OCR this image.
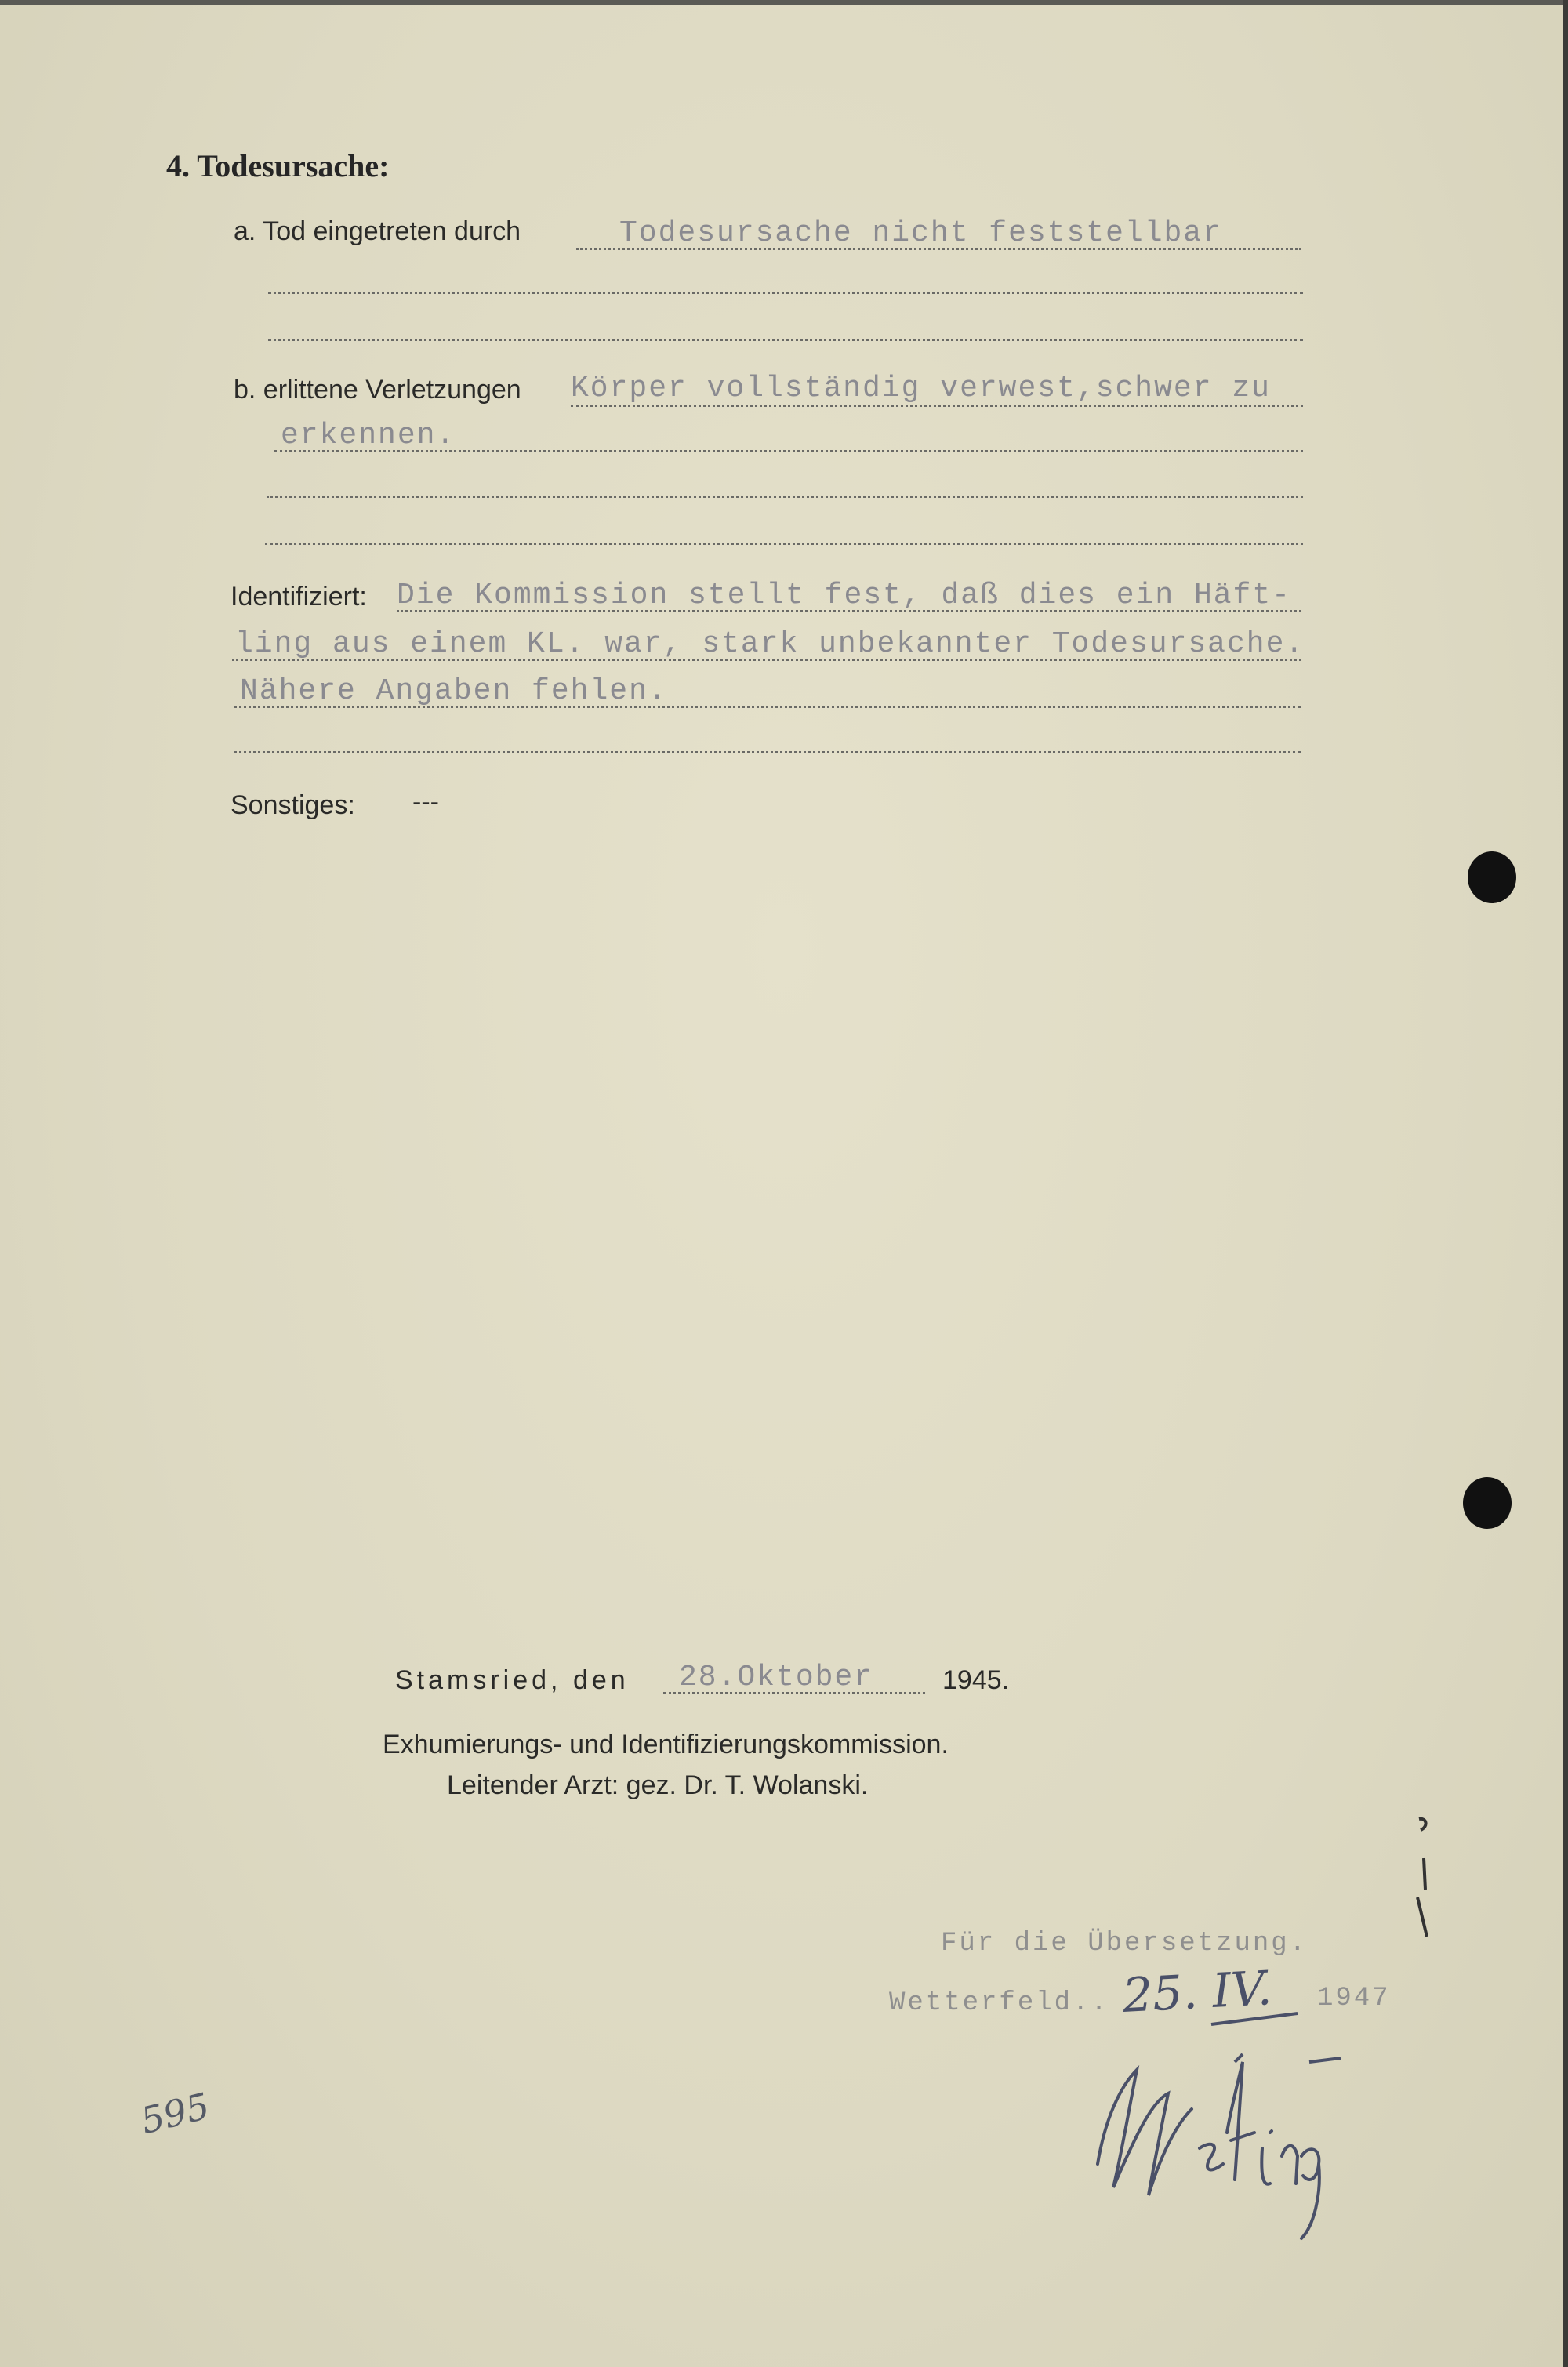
4. Todesursache:
a. Tod eingetreten durch	Todesursache nicht feststellbar
b. erlittene Verletzungen Körper vollständig verwest,schwer zu
erkennen.
Identifiziert: Die Kommission stellt fest, daß dies ein Häft-
ling aus einem KL. war, stark unbekannter Todesursache.
Nähere Angaben fehlen.
Sonstiges: ---
Stamsried, den 28.Oktober	1945.
Exhumierungs- und Identifizierungskommission.
Leitender Arzt: gez. Dr. T. Wolanski.
Für die Übersetzung.
Wetterfeld.. 25. IV. 1947
595
